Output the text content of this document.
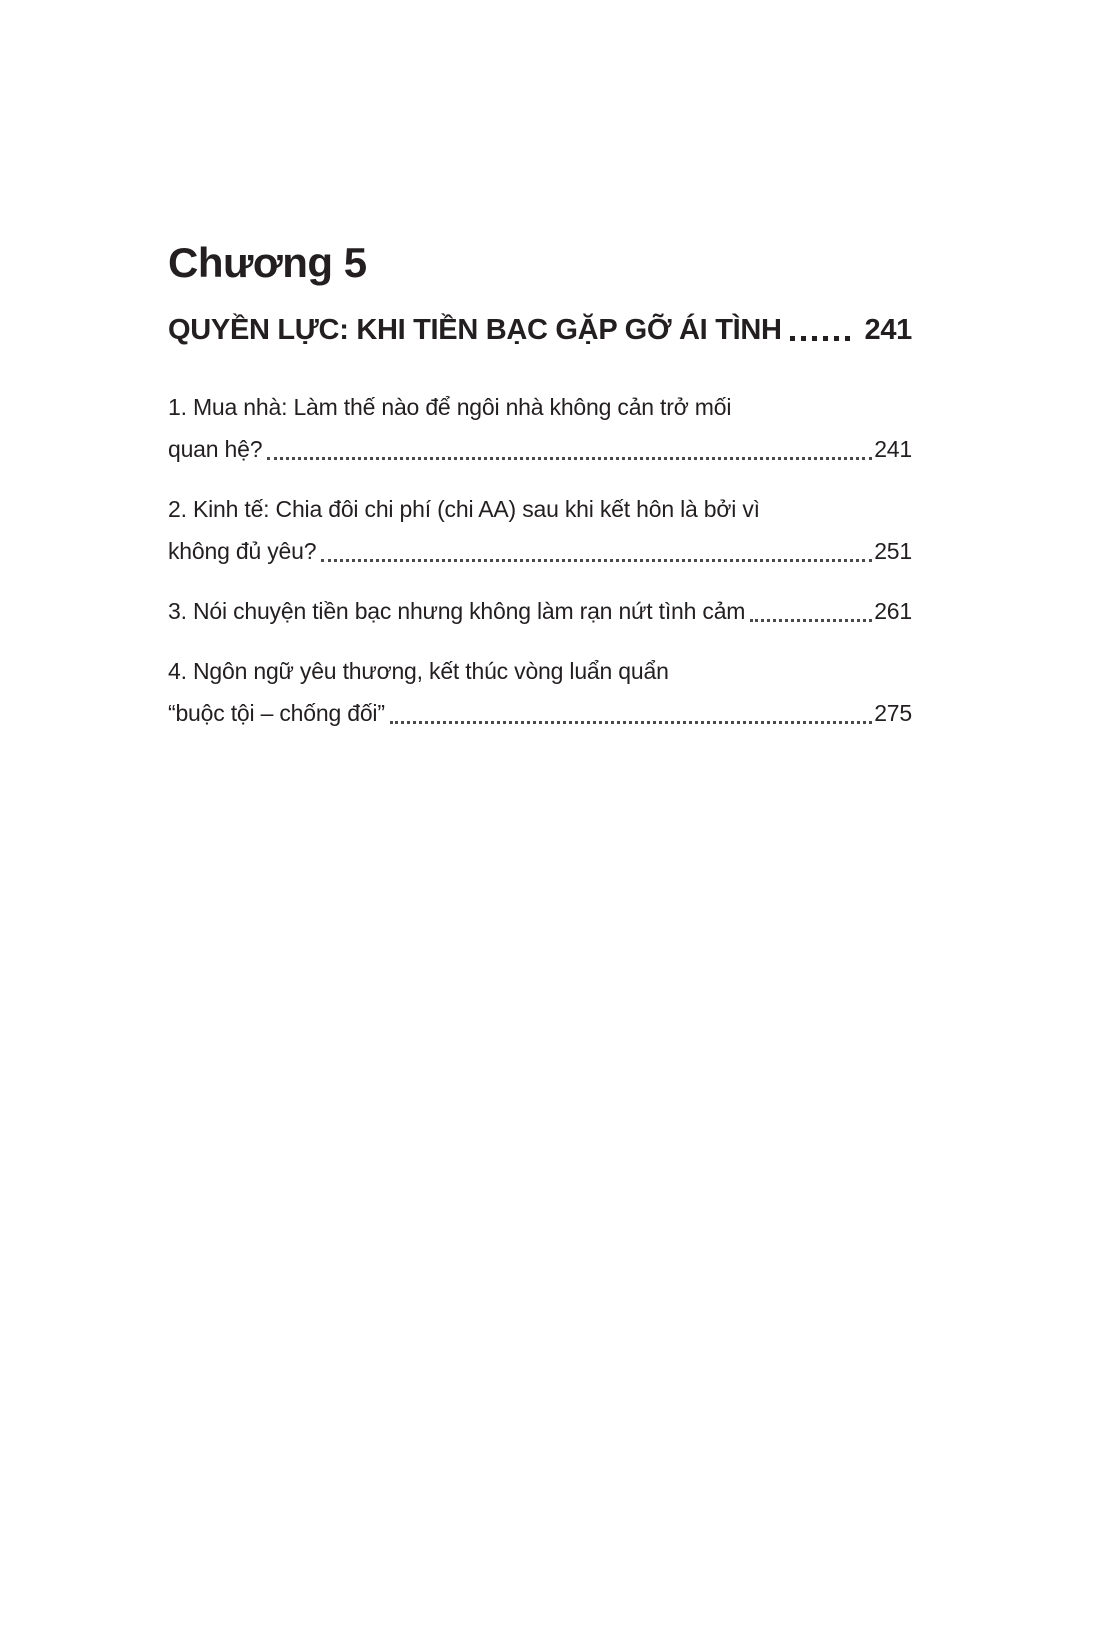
Chương 5
QUYỀN LỰC: KHI TIỀN BẠC GẶP GỠ ÁI TÌNH	241
1. Mua nhà: Làm thế nào để ngôi nhà không cản trở mối
quan hệ?	241
2. Kinh tế: Chia đôi chi phí (chi AA) sau khi kết hôn là bởi vì
không đủ yêu?	251
3. Nói chuyện tiền bạc nhưng không làm rạn nứt tình cảm	261
4. Ngôn ngữ yêu thương, kết thúc vòng luẩn quẩn
“buộc tội – chống đối”	275
